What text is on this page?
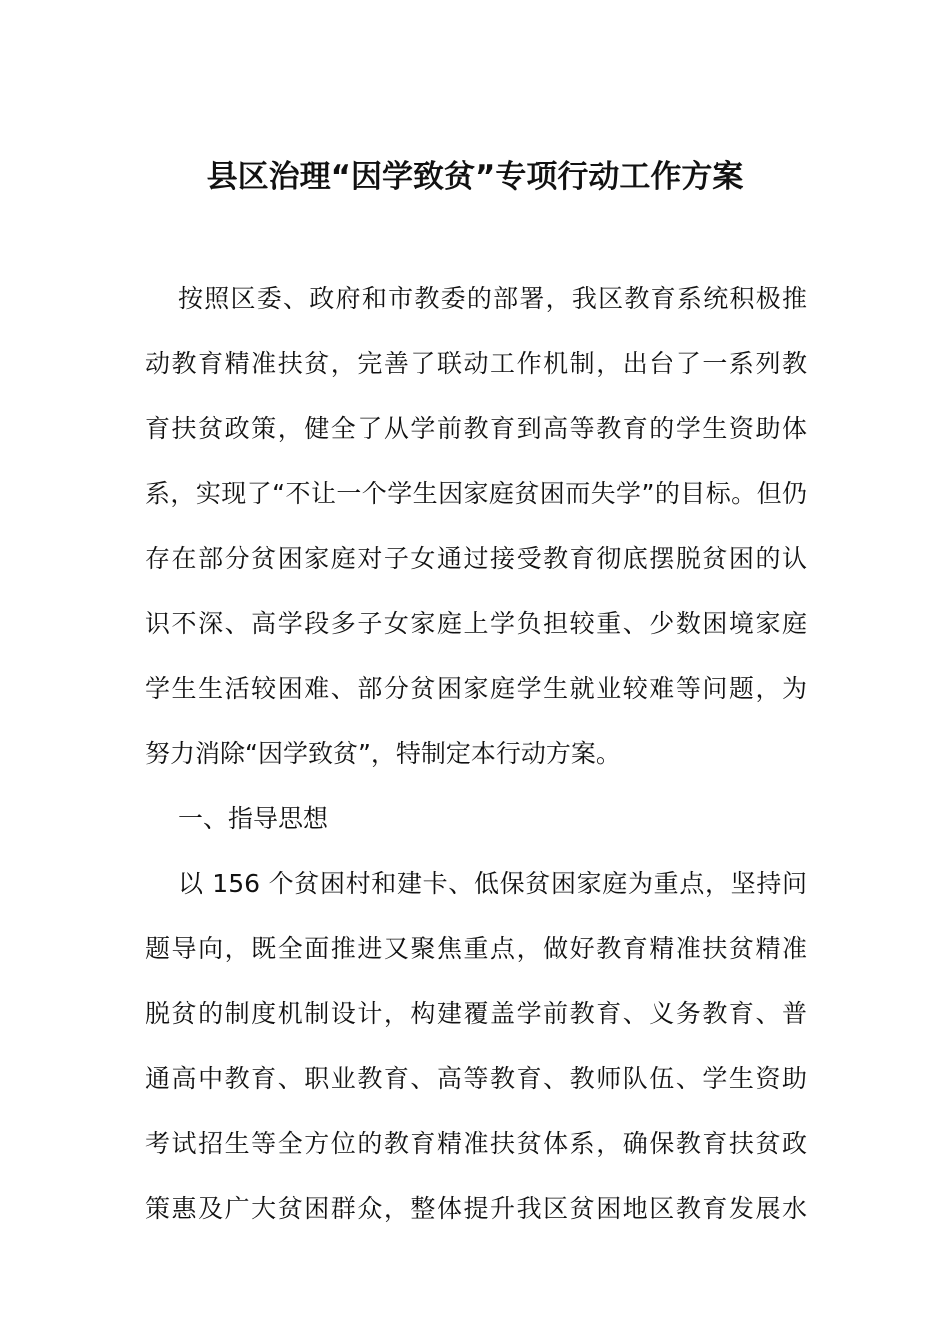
县区治理“因学致贫”专项行动工作方案
按照区委、政府和市教委的部署，我区教育系统积极推
动教育精准扶贫，完善了联动工作机制，出台了一系列教
育扶贫政策，健全了从学前教育到高等教育的学生资助体
系，实现了“不让一个学生因家庭贫困而失学”的目标。但仍
存在部分贫困家庭对子女通过接受教育彻底摆脱贫困的认
识不深、高学段多子女家庭上学负担较重、少数困境家庭
学生生活较困难、部分贫困家庭学生就业较难等问题，为
努力消除“因学致贫”，特制定本行动方案。
一、指导思想
以 156 个贫困村和建卡、低保贫困家庭为重点，坚持问
题导向，既全面推进又聚焦重点，做好教育精准扶贫精准
脱贫的制度机制设计，构建覆盖学前教育、义务教育、普
通高中教育、职业教育、高等教育、教师队伍、学生资助
考试招生等全方位的教育精准扶贫体系，确保教育扶贫政
策惠及广大贫困群众，整体提升我区贫困地区教育发展水
